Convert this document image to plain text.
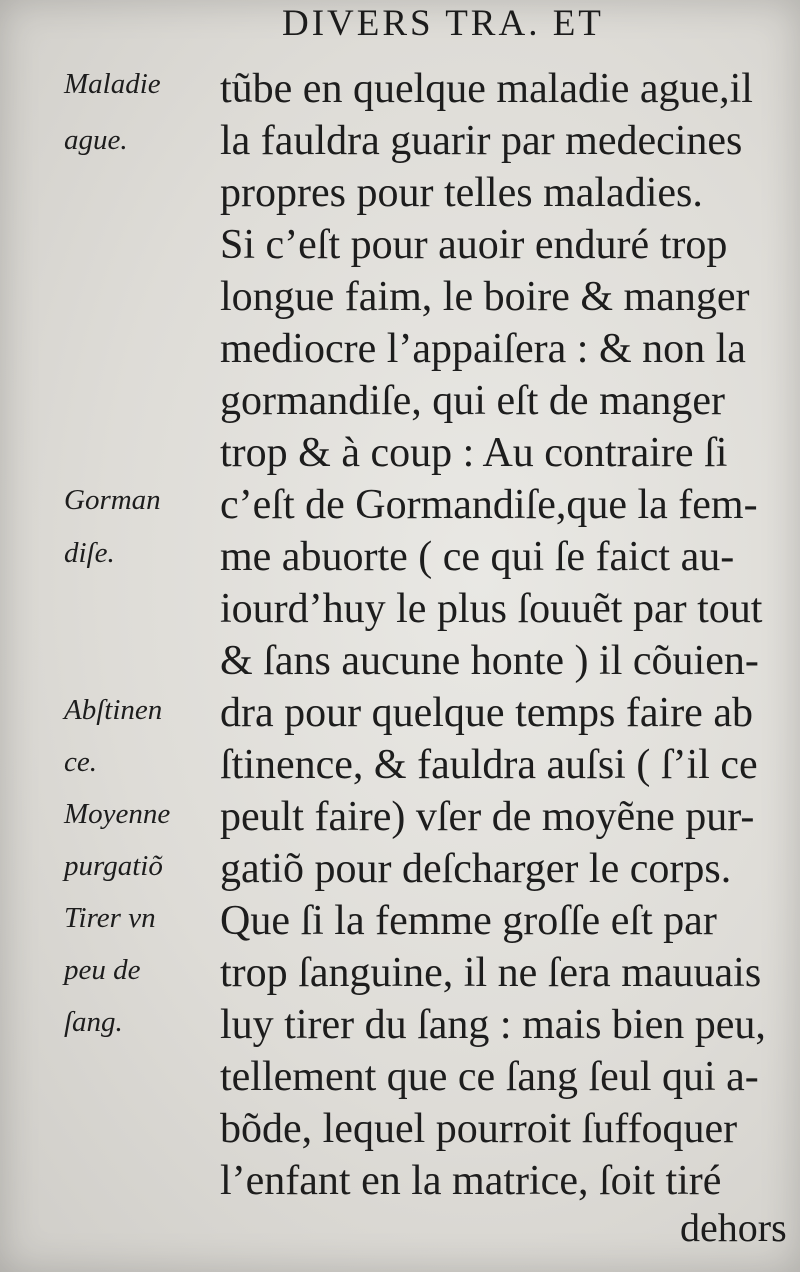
DIVERS TRA. ET
Maladie
ague.
Gorman
diſe.
Abſtinen
ce.
Moyenne
purgatiõ
Tirer vn
peu de
ſang.
tũbe en quelque maladie ague,il
la fauldra guarir par medecines
propres pour telles maladies.
Si c’eſt pour auoir enduré trop
longue faim, le boire & manger
mediocre l’appaiſera : & non la
gormandiſe, qui eſt de manger
trop & à coup : Au contraire ſi
c’eſt de Gormandiſe,que la fem-
me abuorte ( ce qui ſe faict au-
iourd’huy le plus ſouuẽt par tout
& ſans aucune honte ) il cõuien-
dra pour quelque temps faire ab
ſtinence, & fauldra auſsi ( ſ’il ce
peult faire) vſer de moyẽne pur-
gatiõ pour deſcharger le corps.
Que ſi la femme groſſe eſt par
trop ſanguine, il ne ſera mauuais
luy tirer du ſang : mais bien peu,
tellement que ce ſang ſeul qui a-
bõde, lequel pourroit ſuffoquer
l’enfant en la matrice, ſoit tiré
dehors
